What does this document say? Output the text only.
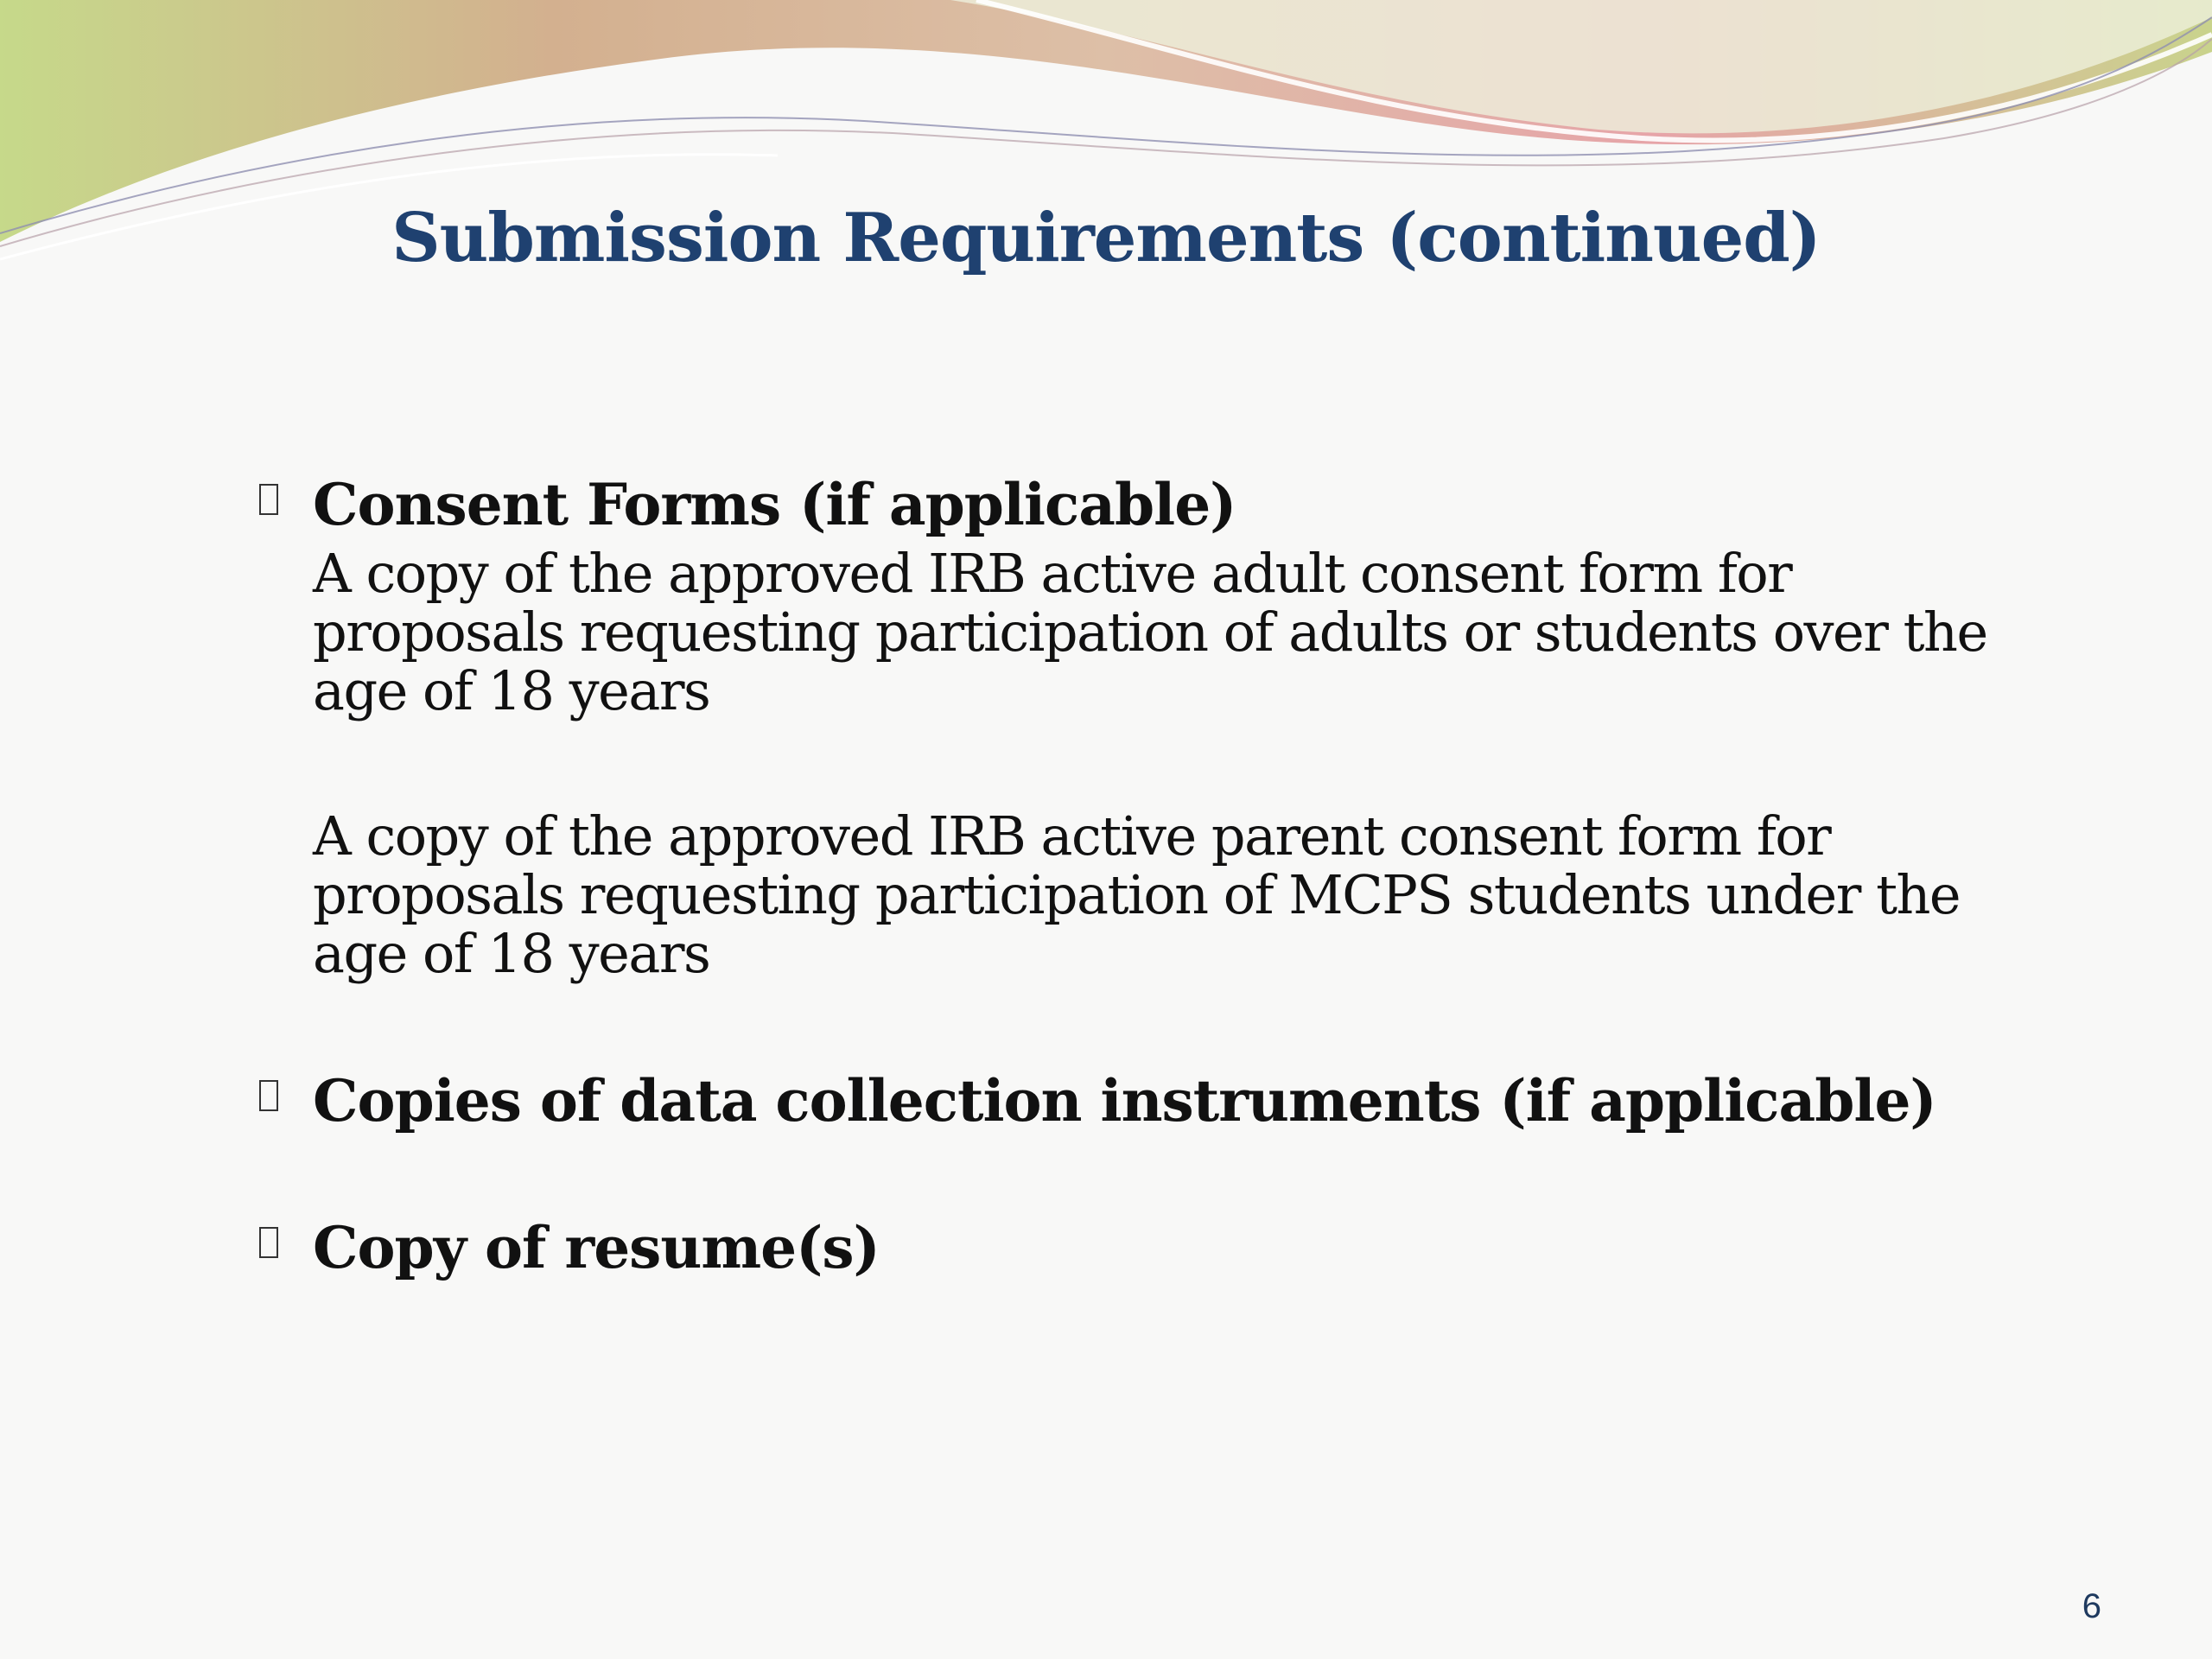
Submission Requirements (continued)
Consent Forms (if applicable)

A copy of the approved IRB active adult consent form for proposals requesting participation of adults or students over the age of 18 years

A copy of the approved IRB active parent consent form for proposals requesting participation of MCPS students under the age of 18 years

Copies of data collection instruments (if applicable)
Copy of resume(s)
6
